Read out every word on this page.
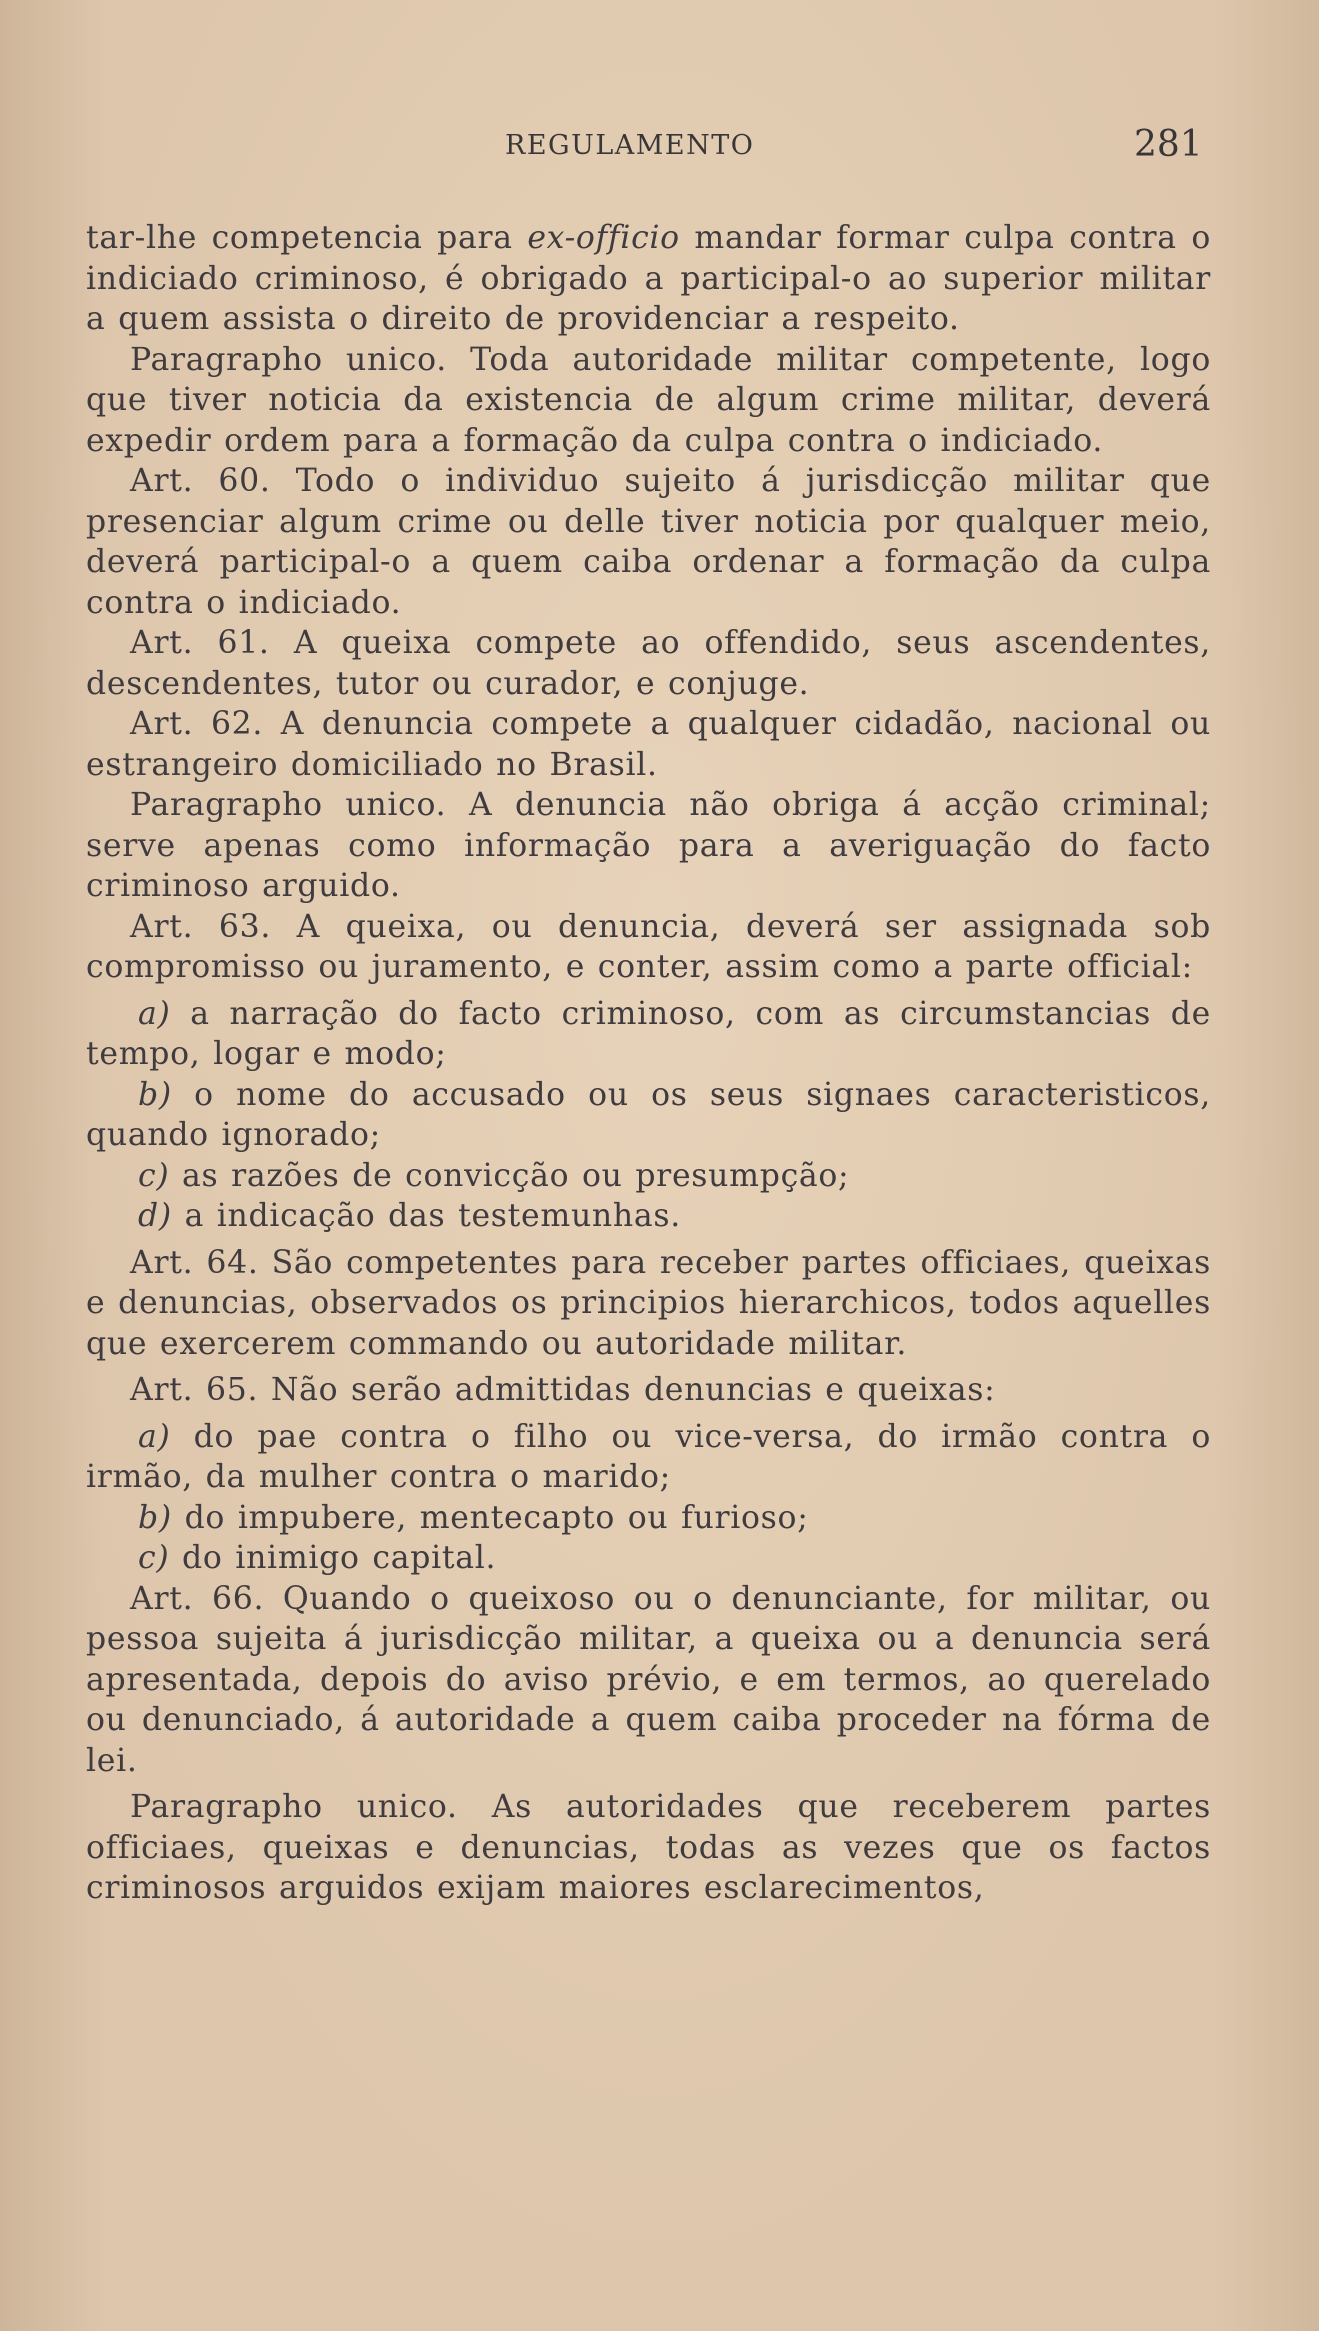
REGULAMENTO	281

tar-lhe competencia para ex-officio mandar formar culpa contra o indiciado criminoso, é obrigado a participal-o ao superior militar a quem assista o direito de providenciar a respeito.

Paragrapho unico. Toda autoridade militar competente, logo que tiver noticia da existencia de algum crime militar, deverá expedir ordem para a formação da culpa contra o indiciado.

Art. 60. Todo o individuo sujeito á jurisdicção militar que presenciar algum crime ou delle tiver noticia por qualquer meio, deverá participal-o a quem caiba ordenar a formação da culpa contra o indiciado.

Art. 61. A queixa compete ao offendido, seus ascendentes, descendentes, tutor ou curador, e conjuge.

Art. 62. A denuncia compete a qualquer cidadão, nacional ou estrangeiro domiciliado no Brasil.

Paragrapho unico. A denuncia não obriga á acção criminal; serve apenas como informação para a averiguação do facto criminoso arguido.

Art. 63. A queixa, ou denuncia, deverá ser assignada sob compromisso ou juramento, e conter, assim como a parte official:

a) a narração do facto criminoso, com as circumstancias de tempo, logar e modo;

b) o nome do accusado ou os seus signaes caracteristicos, quando ignorado;

c) as razões de convicção ou presumpção;

d) a indicação das testemunhas.

Art. 64. São competentes para receber partes officiaes, queixas e denuncias, observados os principios hierarchicos, todos aquelles que exercerem commando ou autoridade militar.

Art. 65. Não serão admittidas denuncias e queixas:

a) do pae contra o filho ou vice-versa, do irmão contra o irmão, da mulher contra o marido;

b) do impubere, mentecapto ou furioso;

c) do inimigo capital.

Art. 66. Quando o queixoso ou o denunciante, for militar, ou pessoa sujeita á jurisdicção militar, a queixa ou a denuncia será apresentada, depois do aviso prévio, e em termos, ao querelado ou denunciado, á autoridade a quem caiba proceder na fórma de lei.

Paragrapho unico. As autoridades que receberem partes officiaes, queixas e denuncias, todas as vezes que os factos criminosos arguidos exijam maiores esclarecimentos,
